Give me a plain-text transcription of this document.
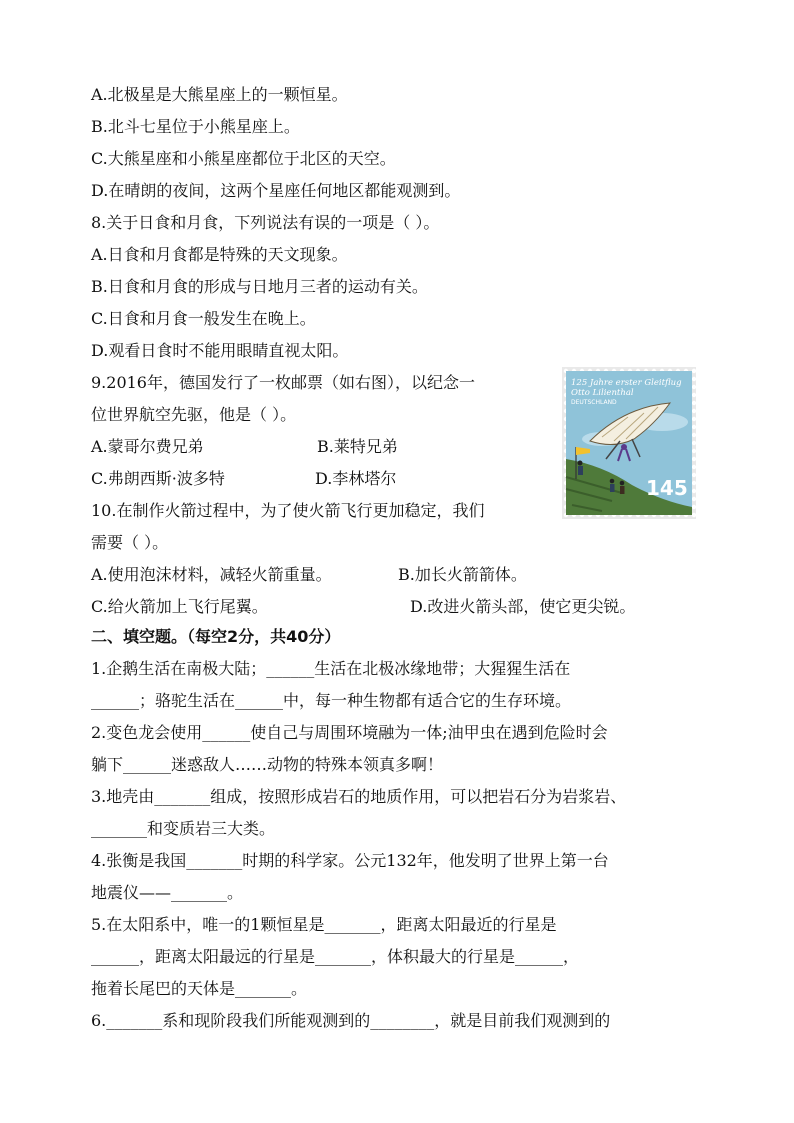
A.北极星是大熊星座上的一颗恒星。
B.北斗七星位于小熊星座上。
C.大熊星座和小熊星座都位于北区的天空。
D.在晴朗的夜间，这两个星座任何地区都能观测到。
8.关于日食和月食，下列说法有误的一项是（ ）。
A.日食和月食都是特殊的天文现象。
B.日食和月食的形成与日地月三者的运动有关。
C.日食和月食一般发生在晚上。
D.观看日食时不能用眼睛直视太阳。
9.2016年，德国发行了一枚邮票（如右图），以纪念一
位世界航空先驱，他是（ ）。
A.蒙哥尔费兄弟	B.莱特兄弟
C.弗朗西斯·波多特	D.李林塔尔
125 Jahre erster Gleitflug
Otto Lilienthal
DEUTSCHLAND
145
10.在制作火箭过程中，为了使火箭飞行更加稳定，我们
需要（ ）。
A.使用泡沫材料，减轻火箭重量。	B.加长火箭箭体。
C.给火箭加上飞行尾翼。	D.改进火箭头部，使它更尖锐。
二、填空题。（每空2分，共40分）
1.企鹅生活在南极大陆；______生活在北极冰缘地带；大猩猩生活在
______；骆驼生活在______中，每一种生物都有适合它的生存环境。
2.变色龙会使用______使自己与周围环境融为一体;油甲虫在遇到危险时会
躺下______迷惑敌人……动物的特殊本领真多啊！
3.地壳由_______组成，按照形成岩石的地质作用，可以把岩石分为岩浆岩、
_______和变质岩三大类。
4.张衡是我国_______时期的科学家。公元132年，他发明了世界上第一台
地震仪——_______。
5.在太阳系中，唯一的1颗恒星是_______，距离太阳最近的行星是
______，距离太阳最远的行星是_______，体积最大的行星是______，
拖着长尾巴的天体是_______。
6._______系和现阶段我们所能观测到的________，就是目前我们观测到的
